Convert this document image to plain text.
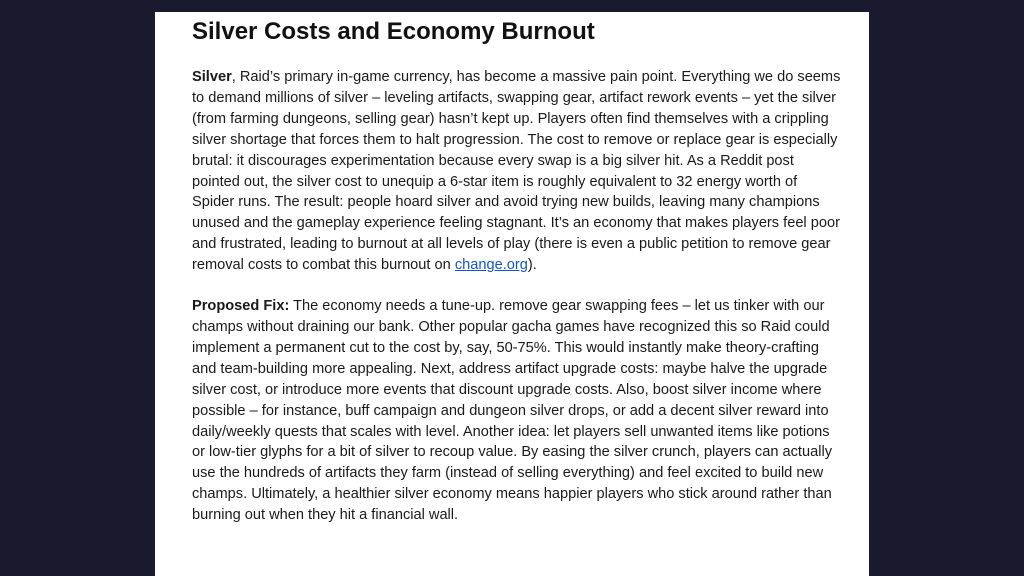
Silver Costs and Economy Burnout

Silver, Raid’s primary in-game currency, has become a massive pain point. Everything we do seems to demand millions of silver – leveling artifacts, swapping gear, artifact rework events – yet the silver (from farming dungeons, selling gear) hasn’t kept up. Players often find themselves with a crippling silver shortage that forces them to halt progression. The cost to remove or replace gear is especially brutal: it discourages experimentation because every swap is a big silver hit. As a Reddit post pointed out, the silver cost to unequip a 6-star item is roughly equivalent to 32 energy worth of Spider runs. The result: people hoard silver and avoid trying new builds, leaving many champions unused and the gameplay experience feeling stagnant. It’s an economy that makes players feel poor and frustrated, leading to burnout at all levels of play (there is even a public petition to remove gear removal costs to combat this burnout on change.org).

Proposed Fix: The economy needs a tune-up. remove gear swapping fees – let us tinker with our champs without draining our bank. Other popular gacha games have recognized this so Raid could implement a permanent cut to the cost by, say, 50-75%. This would instantly make theory-crafting and team-building more appealing. Next, address artifact upgrade costs: maybe halve the upgrade silver cost, or introduce more events that discount upgrade costs. Also, boost silver income where possible – for instance, buff campaign and dungeon silver drops, or add a decent silver reward into daily/weekly quests that scales with level. Another idea: let players sell unwanted items like potions or low-tier glyphs for a bit of silver to recoup value. By easing the silver crunch, players can actually use the hundreds of artifacts they farm (instead of selling everything) and feel excited to build new champs. Ultimately, a healthier silver economy means happier players who stick around rather than burning out when they hit a financial wall.
